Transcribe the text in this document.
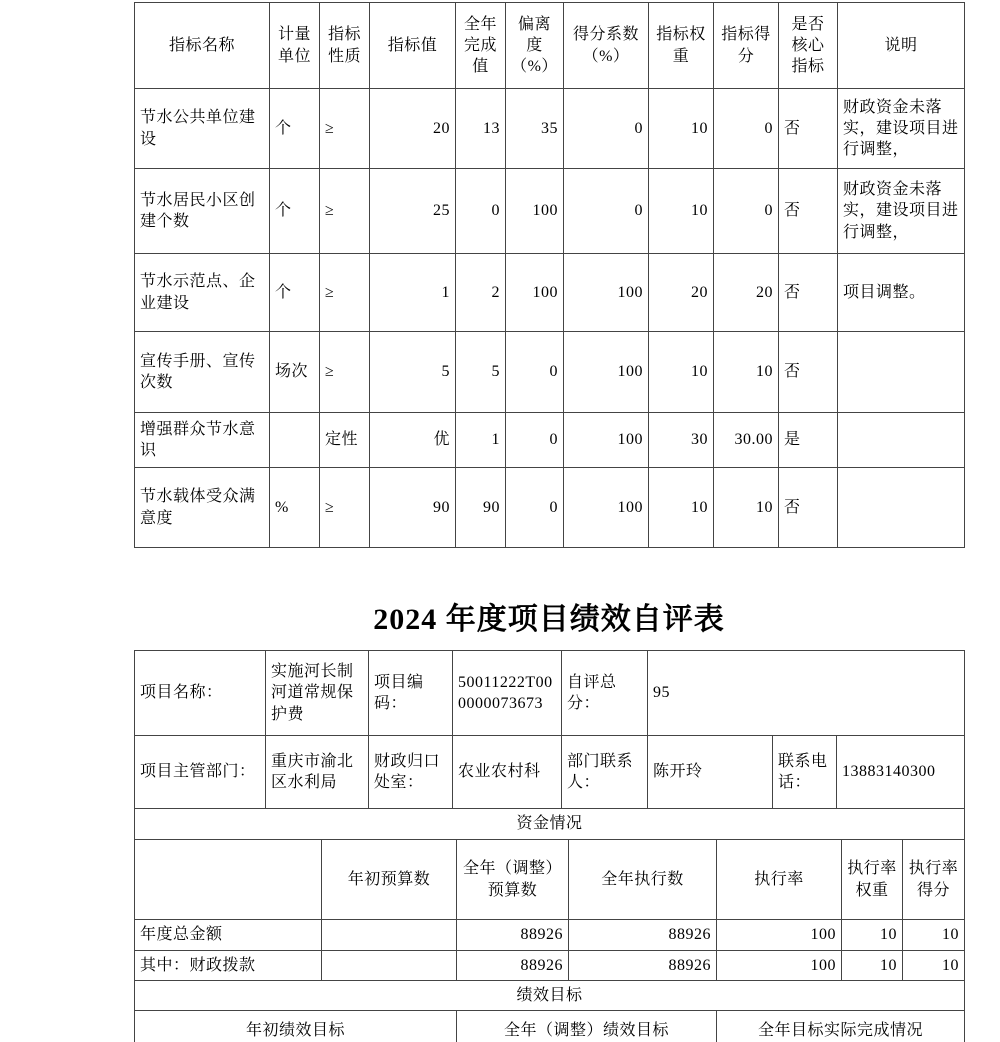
指标名称	计量单位	指标性质	指标值	全年完成值	偏离度（%）	得分系数（%）	指标权重	指标得分	是否核心指标	说明
节水公共单位建设	个	≥	20	13	35	0	10	0	否	财政资金未落实，建设项目进行调整，
节水居民小区创建个数	个	≥	25	0	100	0	10	0	否	财政资金未落实，建设项目进行调整，
节水示范点、企业建设	个	≥	1	2	100	100	20	20	否	项目调整。
宣传手册、宣传次数	场次	≥	5	5	0	100	10	10	否	
增强群众节水意识		定性	优	1	0	100	30	30.00	是	
节水载体受众满意度	%	≥	90	90	0	100	10	10	否	
2024 年度项目绩效自评表
项目名称：	实施河长制河道常规保护费	项目编码：	50011222T000000073673	自评总分：	95		
项目主管部门：	重庆市渝北区水利局	财政归口处室：	农业农村科	部门联系人：	陈开玲	联系电话：	13883140300
资金情况						
	年初预算数	全年（调整）预算数	全年执行数	执行率	执行率权重	执行率得分
年度总金额		88926	88926	100	10	10
其中：财政拨款		88926	88926	100	10	10
绩效目标						
年初绩效目标		全年（调整）绩效目标		全年目标实际完成情况		
